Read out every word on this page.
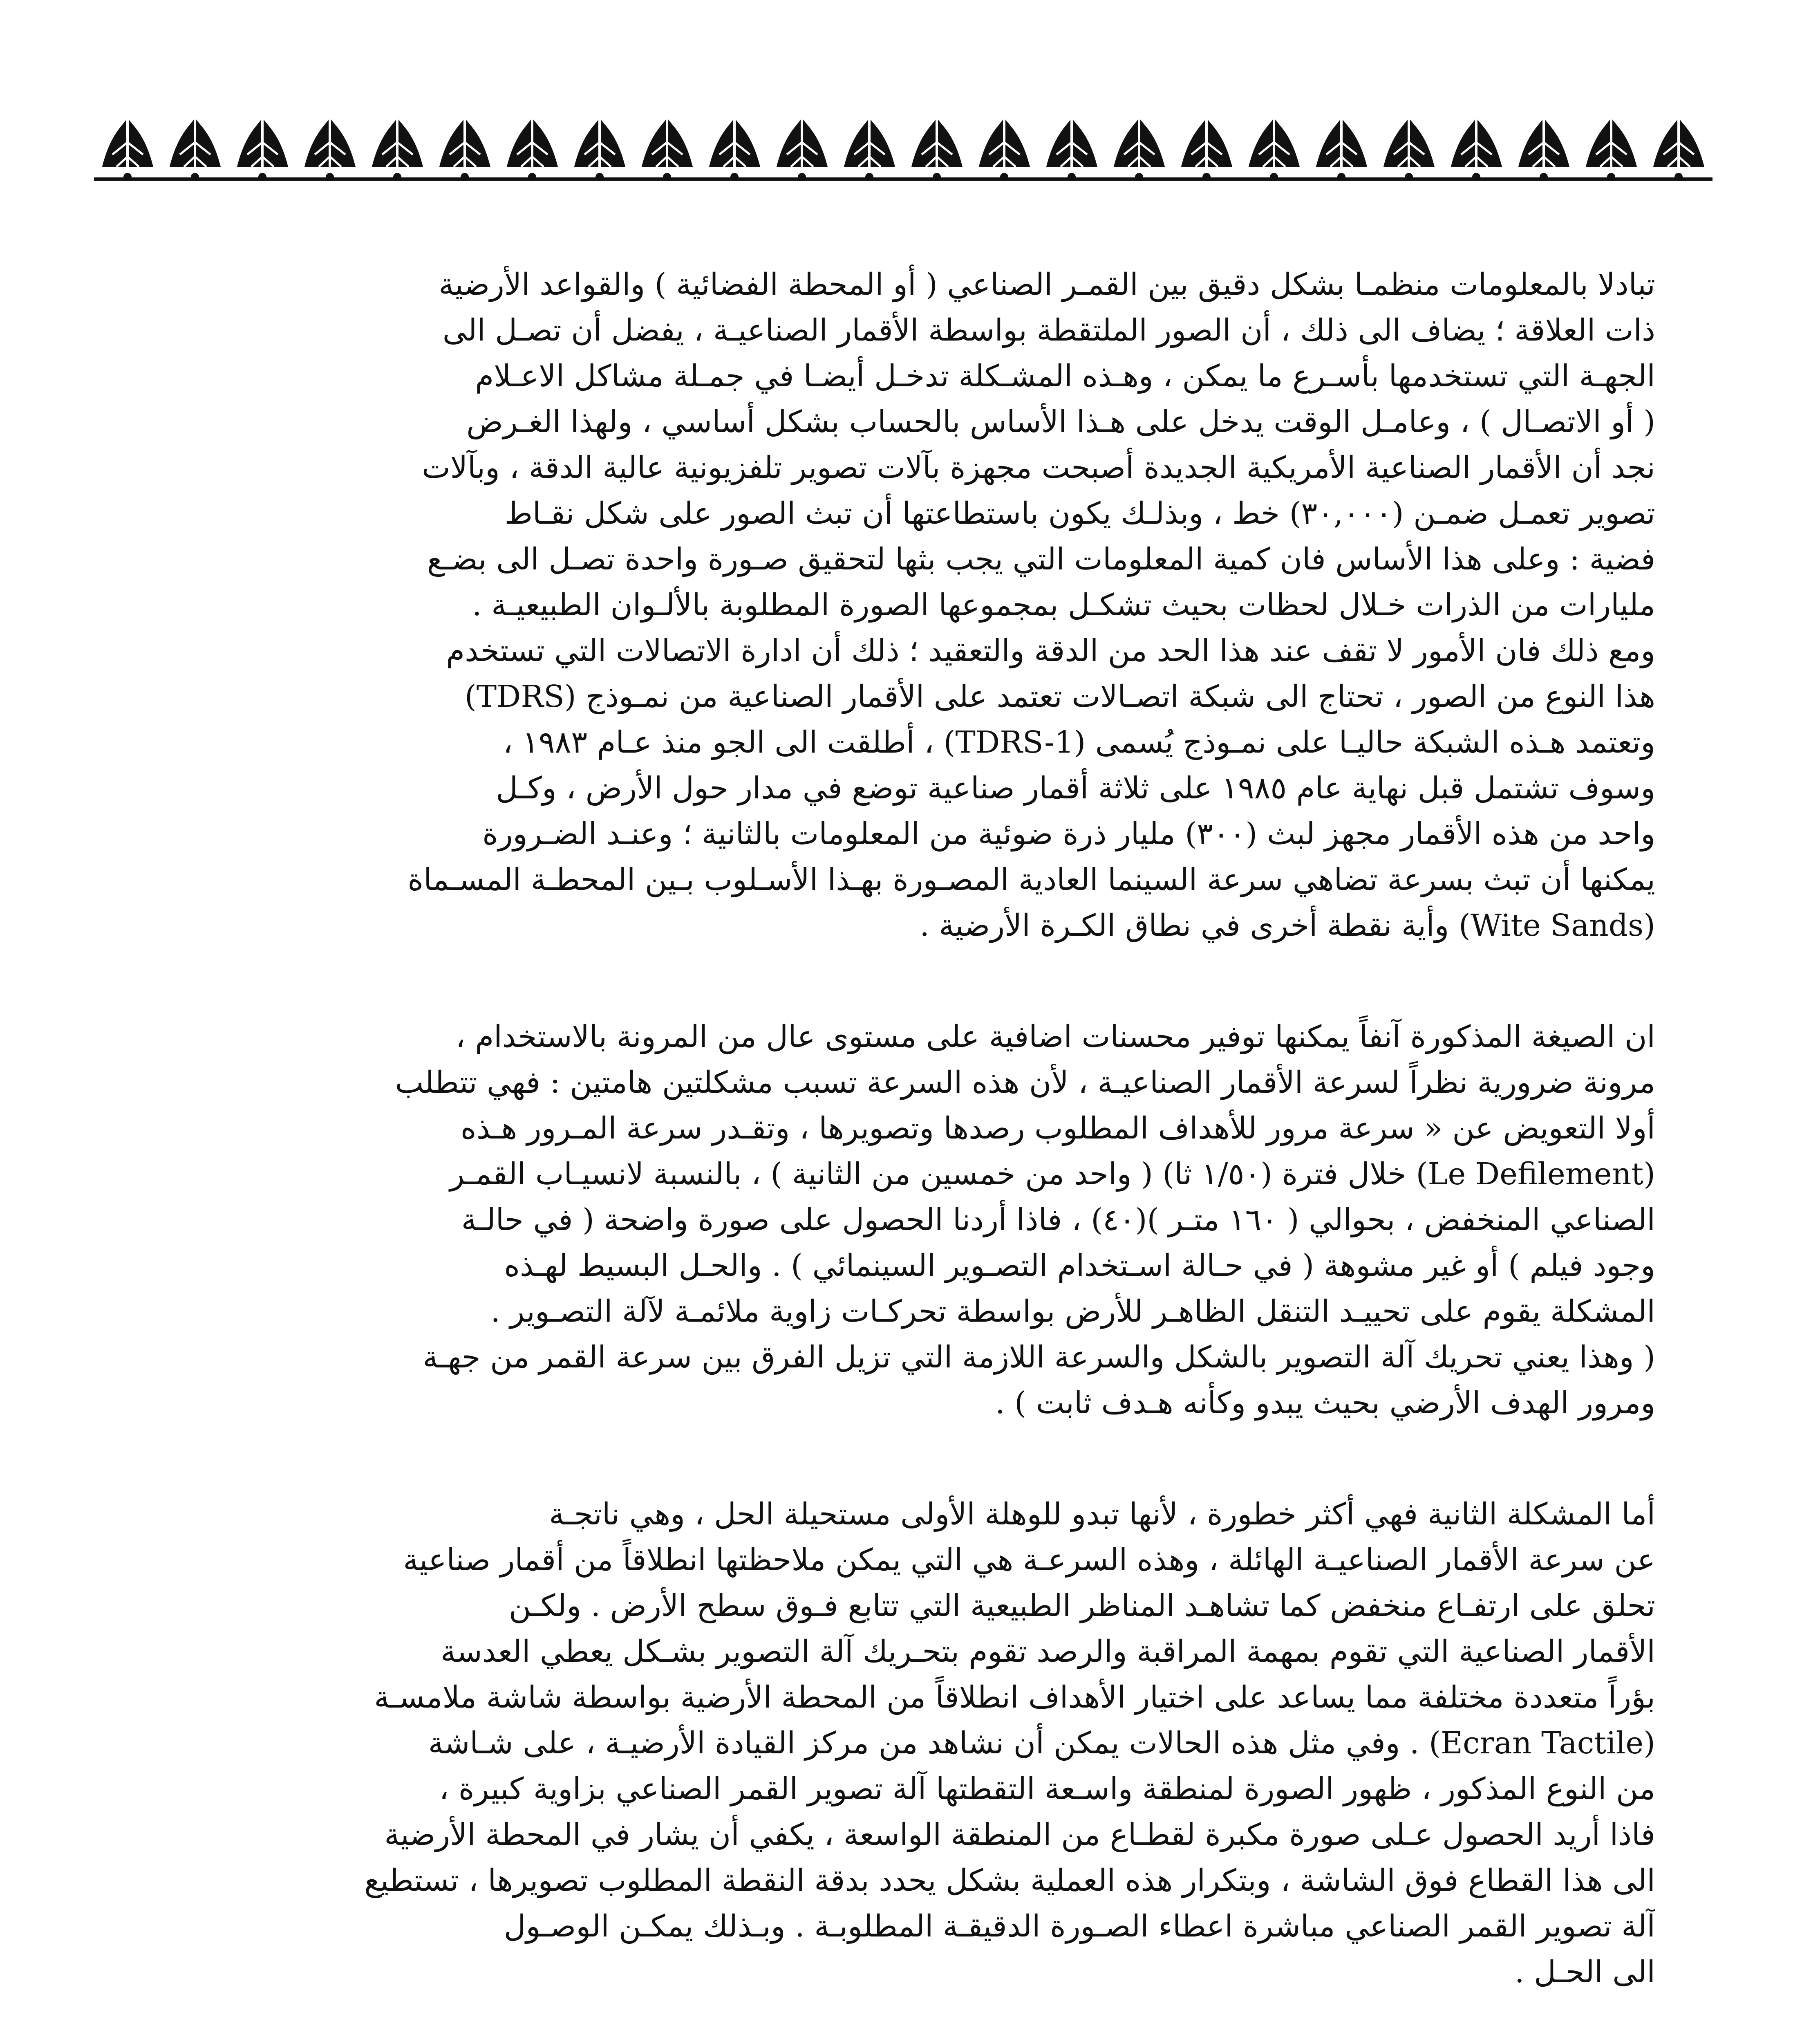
تبادلا بالمعلومات منظمـا بشكل دقيق بين القمـر الصناعي ( أو المحطة الفضائية ) والقواعد الأرضية
ذات العلاقة ؛ يضاف الى ذلك ، أن الصور الملتقطة بواسطة الأقمار الصناعيـة ، يفضل أن تصـل الى
الجهـة التي تستخدمها بأسـرع ما يمكن ، وهـذه المشـكلة تدخـل أيضـا في جمـلة مشاكل الاعـلام
( أو الاتصـال ) ، وعامـل الوقت يدخل على هـذا الأساس بالحساب بشكل أساسي ، ولهذا الغـرض
نجد أن الأقمار الصناعية الأمريكية الجديدة أصبحت مجهزة بآلات تصوير تلفزيونية عالية الدقة ، وبآلات
تصوير تعمـل ضمـن (٣٠,٠٠٠) خط ، وبذلـك يكون باستطاعتها أن تبث الصور على شكل نقـاط
فضية : وعلى هذا الأساس فان كمية المعلومات التي يجب بثها لتحقيق صـورة واحدة تصـل الى بضـع
مليارات من الذرات خـلال لحظات بحيث تشكـل بمجموعها الصورة المطلوبة بالألـوان الطبيعيـة .
ومع ذلك فان الأمور لا تقف عند هذا الحد من الدقة والتعقيد ؛ ذلك أن ادارة الاتصالات التي تستخدم
هذا النوع من الصور ، تحتاج الى شبكة اتصـالات تعتمد على الأقمار الصناعية من نمـوذج (TDRS)
وتعتمد هـذه الشبكة حاليـا على نمـوذج يُسمى (TDRS-1) ، أطلقت الى الجو منذ عـام ١٩٨٣ ،
وسوف تشتمل قبل نهاية عام ١٩٨٥ على ثلاثة أقمار صناعية توضع في مدار حول الأرض ، وكـل
واحد من هذه الأقمار مجهز لبث (٣٠٠) مليار ذرة ضوئية من المعلومات بالثانية ؛ وعنـد الضـرورة
يمكنها أن تبث بسرعة تضاهي سرعة السينما العادية المصـورة بهـذا الأسـلوب بـين المحطـة المسـماة
(Wite Sands) وأية نقطة أخرى في نطاق الكـرة الأرضية .
ان الصيغة المذكورة آنفاً يمكنها توفير محسنات اضافية على مستوى عال من المرونة بالاستخدام ،
مرونة ضرورية نظراً لسرعة الأقمار الصناعيـة ، لأن هذه السرعة تسبب مشكلتين هامتين : فهي تتطلب
أولا التعويض عن « سرعة مرور للأهداف المطلوب رصدها وتصويرها ، وتقـدر سرعة المـرور هـذه
(Le Defilement) خلال فترة (١/٥٠ ثا) ( واحد من خمسين من الثانية ) ، بالنسبة لانسيـاب القمـر
الصناعي المنخفض ، بحوالي ( ١٦٠ متـر )(٤٠) ، فاذا أردنا الحصول على صورة واضحة ( في حالـة
وجود فيلم ) أو غير مشوهة ( في حـالة اسـتخدام التصـوير السينمائي ) . والحـل البسيط لهـذه
المشكلة يقوم على تحييـد التنقل الظاهـر للأرض بواسطة تحركـات زاوية ملائمـة لآلة التصـوير .
( وهذا يعني تحريك آلة التصوير بالشكل والسرعة اللازمة التي تزيل الفرق بين سرعة القمر من جهـة
ومرور الهدف الأرضي بحيث يبدو وكأنه هـدف ثابت ) .
أما المشكلة الثانية فهي أكثر خطورة ، لأنها تبدو للوهلة الأولى مستحيلة الحل ، وهي ناتجـة
عن سرعة الأقمار الصناعيـة الهائلة ، وهذه السرعـة هي التي يمكن ملاحظتها انطلاقاً من أقمار صناعية
تحلق على ارتفـاع منخفض كما تشاهـد المناظر الطبيعية التي تتابع فـوق سطح الأرض . ولكـن
الأقمار الصناعية التي تقوم بمهمة المراقبة والرصد تقوم بتحـريك آلة التصوير بشـكل يعطي العدسة
بؤراً متعددة مختلفة مما يساعد على اختيار الأهداف انطلاقاً من المحطة الأرضية بواسطة شاشة ملامسـة
(Ecran Tactile) . وفي مثل هذه الحالات يمكن أن نشاهد من مركز القيادة الأرضيـة ، على شـاشة
من النوع المذكور ، ظهور الصورة لمنطقة واسـعة التقطتها آلة تصوير القمر الصناعي بزاوية كبيرة ،
فاذا أريد الحصول عـلى صورة مكبرة لقطـاع من المنطقة الواسعة ، يكفي أن يشار في المحطة الأرضية
الى هذا القطاع فوق الشاشة ، وبتكرار هذه العملية بشكل يحدد بدقة النقطة المطلوب تصويرها ، تستطيع
آلة تصوير القمر الصناعي مباشرة اعطاء الصـورة الدقيقـة المطلوبـة . وبـذلك يمكـن الوصـول
الى الحـل .
